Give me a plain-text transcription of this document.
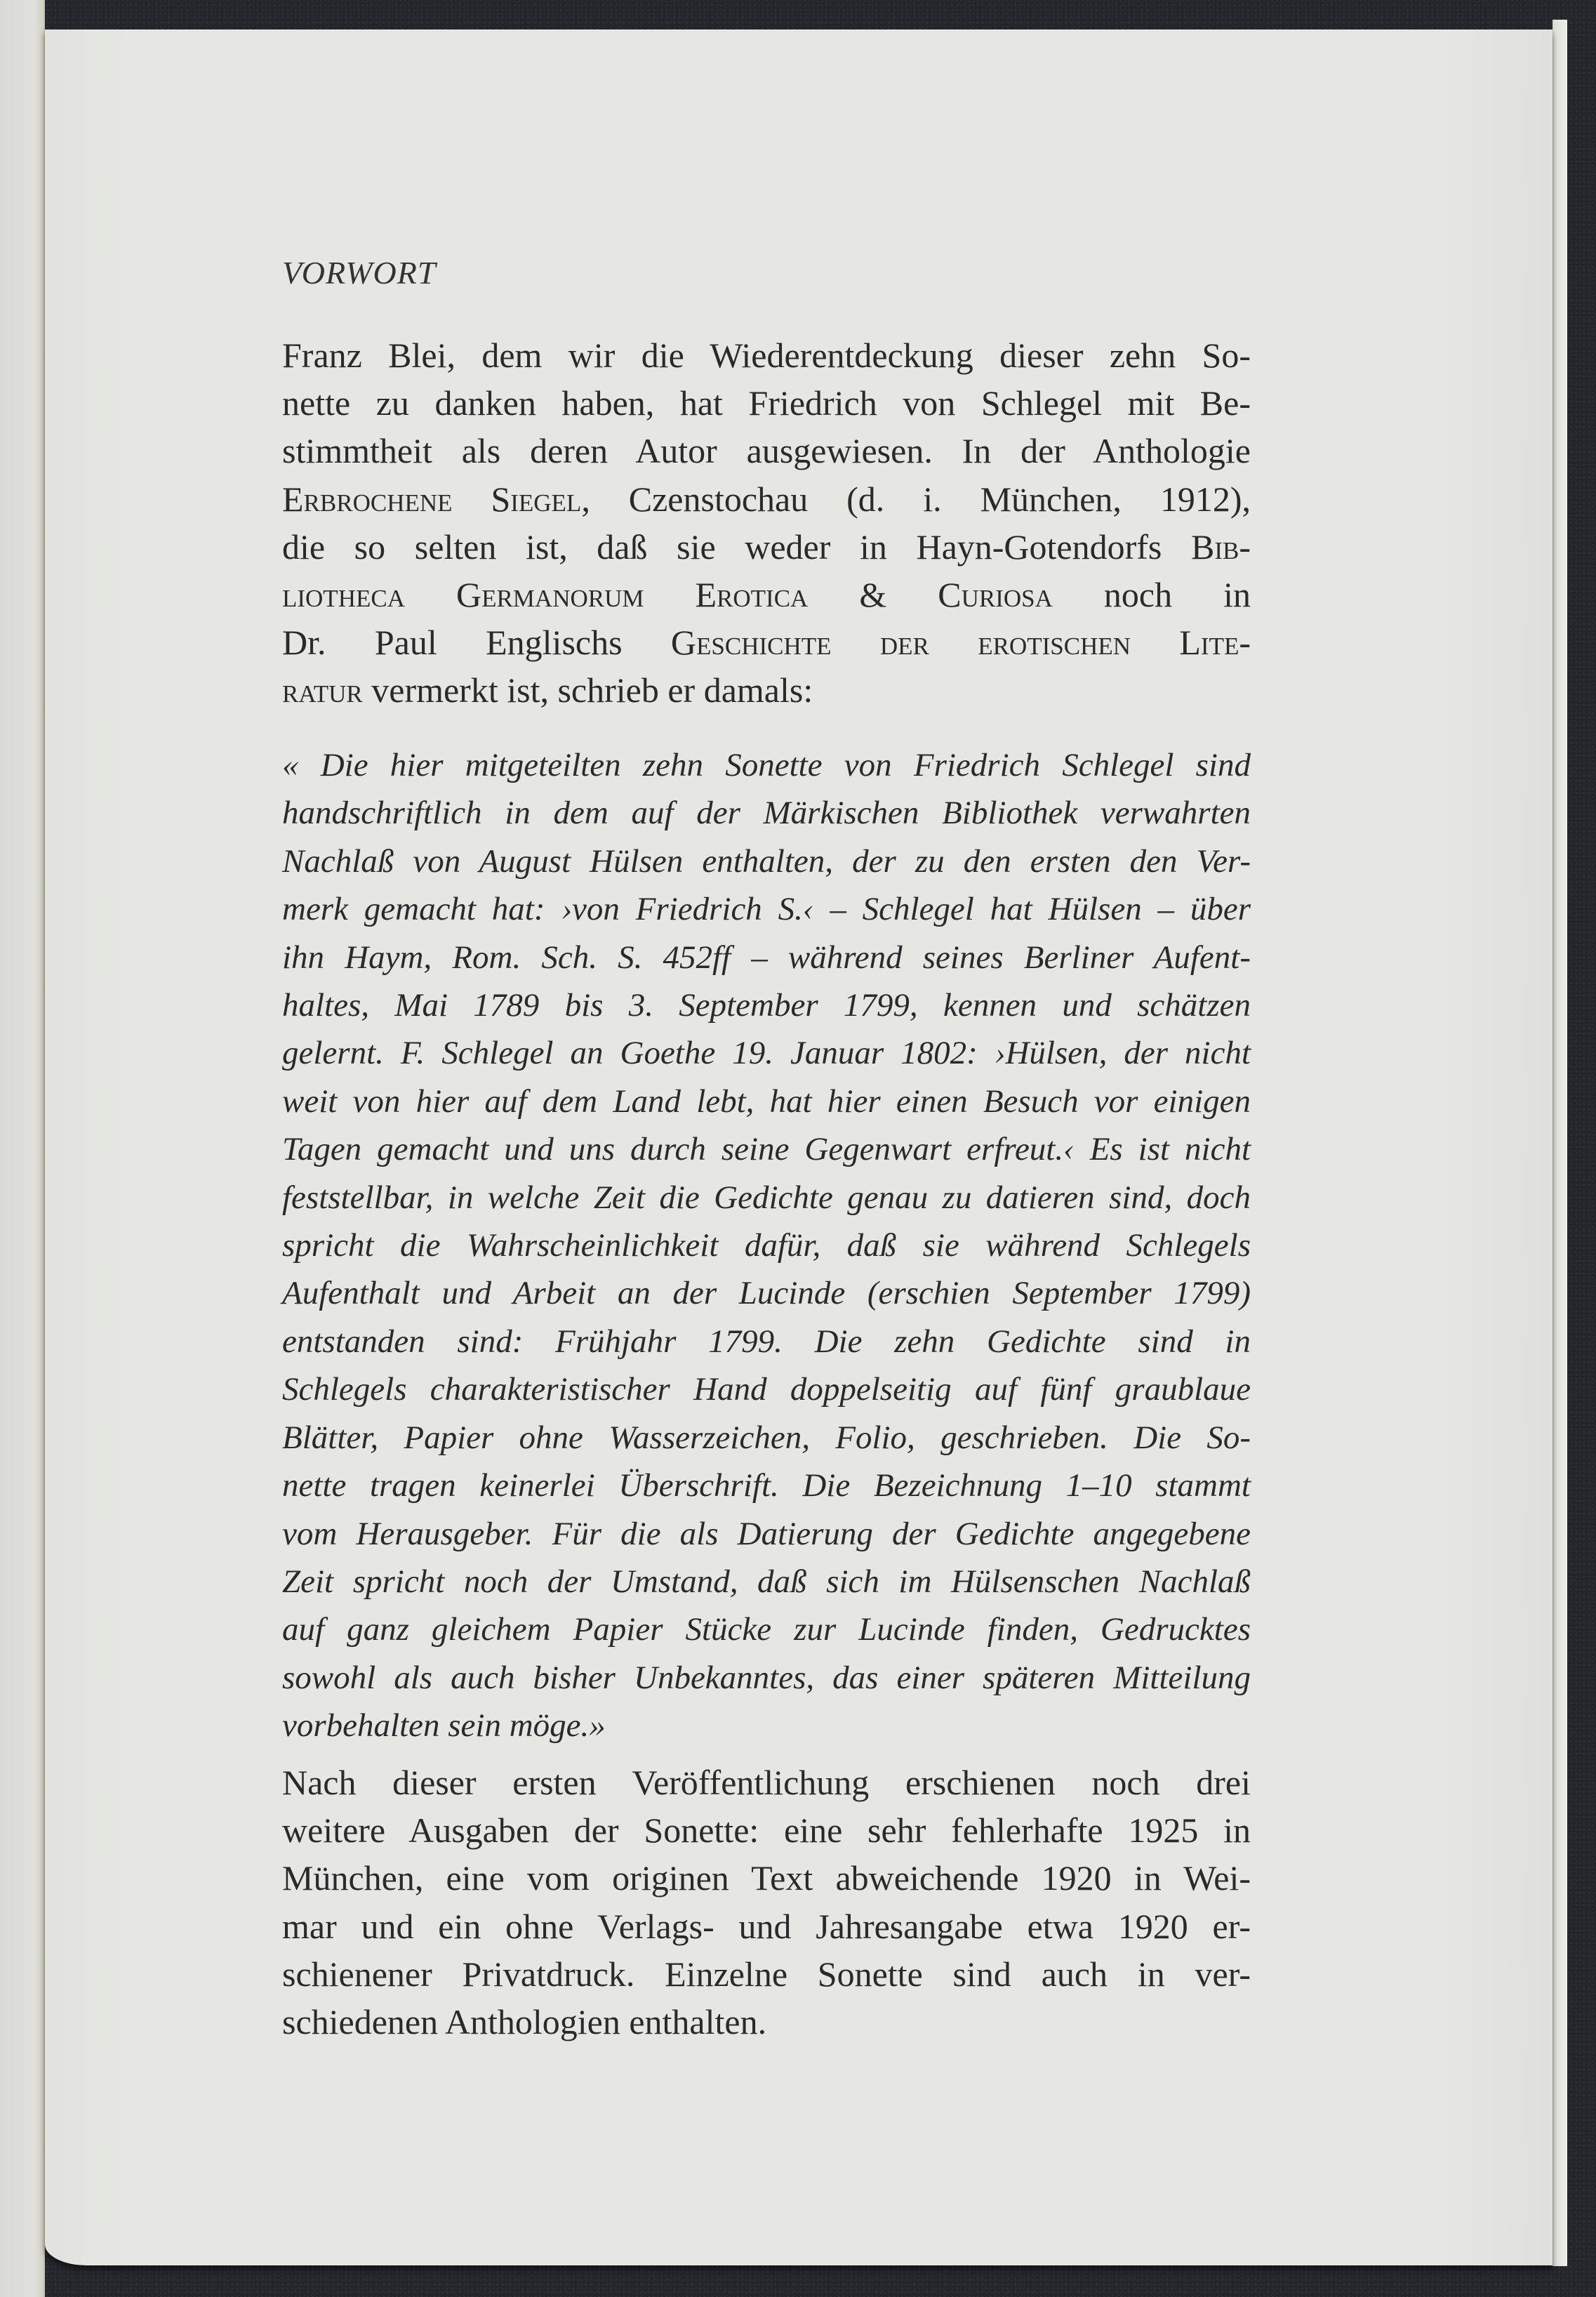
VORWORT
Franz Blei, dem wir die Wiederentdeckung dieser zehn So-
nette zu danken haben, hat Friedrich von Schlegel mit Be-
stimmtheit als deren Autor ausgewiesen. In der Anthologie
Erbrochene Siegel, Czenstochau (d. i. München, 1912),
die so selten ist, daß sie weder in Hayn-Gotendorfs Bib-
liotheca Germanorum Erotica & Curiosa noch in
Dr. Paul Englischs Geschichte der erotischen Lite-
ratur vermerkt ist, schrieb er damals:
« Die hier mitgeteilten zehn Sonette von Friedrich Schlegel sind
handschriftlich in dem auf der Märkischen Bibliothek verwahrten
Nachlaß von August Hülsen enthalten, der zu den ersten den Ver-
merk gemacht hat: ›von Friedrich S.‹ – Schlegel hat Hülsen – über
ihn Haym, Rom. Sch. S. 452ff – während seines Berliner Aufent-
haltes, Mai 1789 bis 3. September 1799, kennen und schätzen
gelernt. F. Schlegel an Goethe 19. Januar 1802: ›Hülsen, der nicht
weit von hier auf dem Land lebt, hat hier einen Besuch vor einigen
Tagen gemacht und uns durch seine Gegenwart erfreut.‹ Es ist nicht
feststellbar, in welche Zeit die Gedichte genau zu datieren sind, doch
spricht die Wahrscheinlichkeit dafür, daß sie während Schlegels
Aufenthalt und Arbeit an der Lucinde (erschien September 1799)
entstanden sind: Frühjahr 1799. Die zehn Gedichte sind in
Schlegels charakteristischer Hand doppelseitig auf fünf graublaue
Blätter, Papier ohne Wasserzeichen, Folio, geschrieben. Die So-
nette tragen keinerlei Überschrift. Die Bezeichnung 1–10 stammt
vom Herausgeber. Für die als Datierung der Gedichte angegebene
Zeit spricht noch der Umstand, daß sich im Hülsenschen Nachlaß
auf ganz gleichem Papier Stücke zur Lucinde finden, Gedrucktes
sowohl als auch bisher Unbekanntes, das einer späteren Mitteilung
vorbehalten sein möge.»
Nach dieser ersten Veröffentlichung erschienen noch drei
weitere Ausgaben der Sonette: eine sehr fehlerhafte 1925 in
München, eine vom originen Text abweichende 1920 in Wei-
mar und ein ohne Verlags- und Jahresangabe etwa 1920 er-
schienener Privatdruck. Einzelne Sonette sind auch in ver-
schiedenen Anthologien enthalten.
